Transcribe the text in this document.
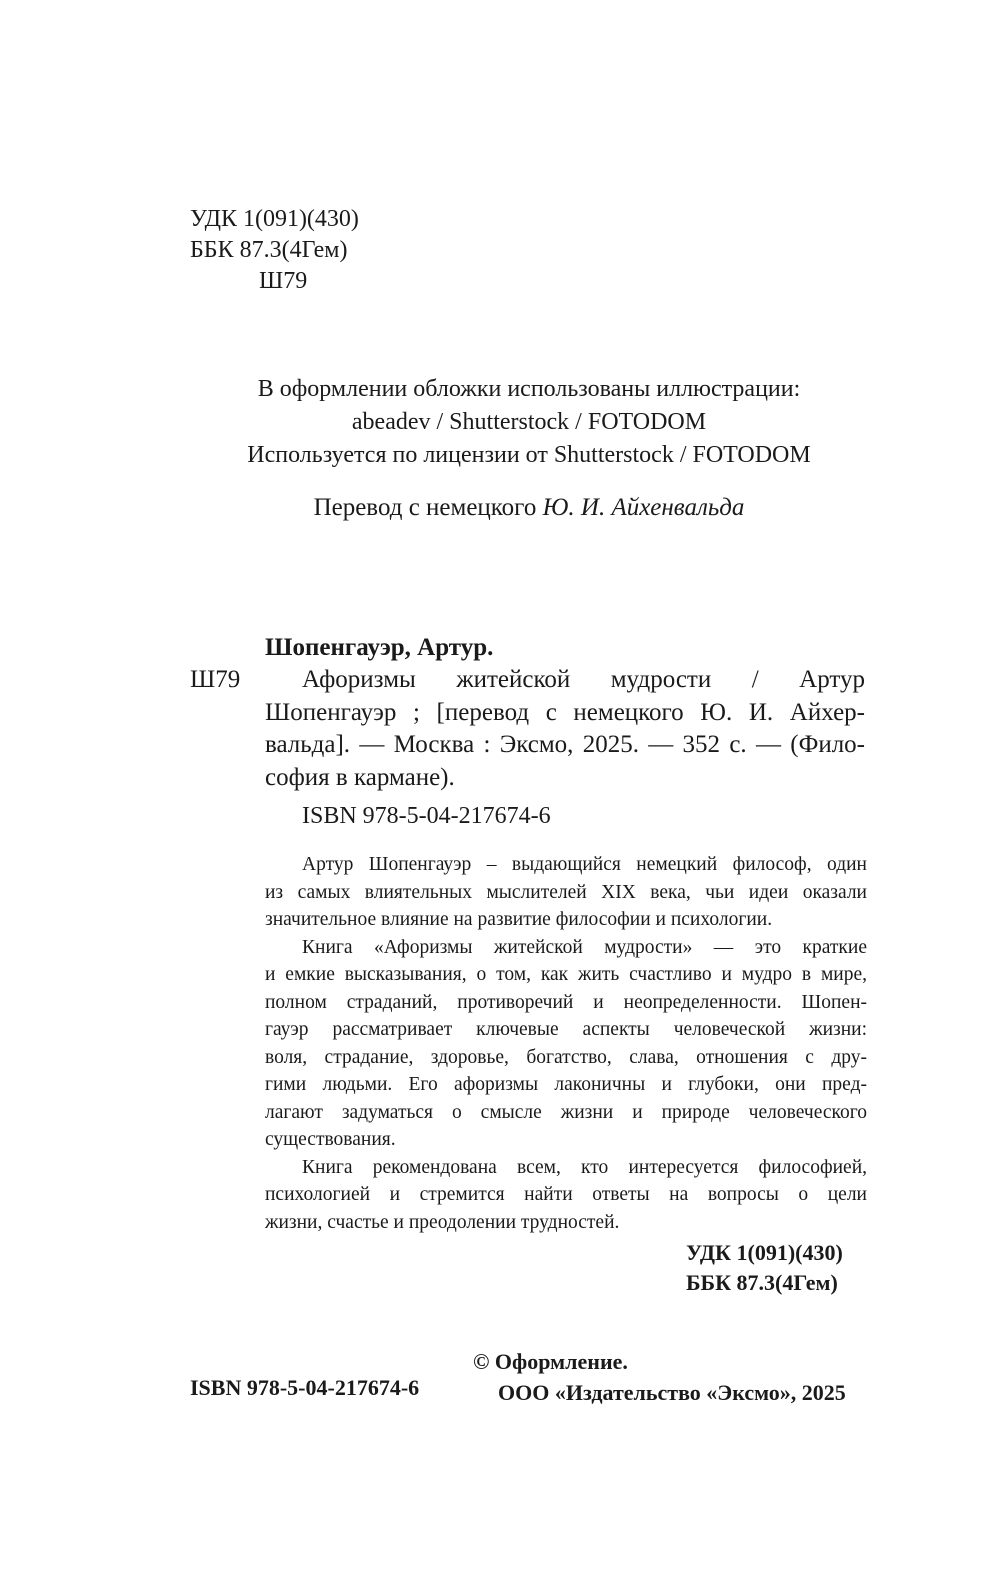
УДК 1(091)(430)
ББК 87.3(4Гем)
Ш79
В оформлении обложки использованы иллюстрации:
abeadev / Shutterstock / FOTODOM
Используется по лицензии от Shutterstock / FOTODOM
Перевод с немецкого Ю. И. Айхенвальда
Шопенгауэр, Артур.
Ш79	Афоризмы житейской мудрости / Артур
Шопенгауэр ; [перевод с немецкого Ю. И. Айхер-
вальда]. — Москва : Эксмо, 2025. — 352 с. — (Фило-
софия в кармане).
ISBN 978-5-04-217674-6
Артур Шопенгауэр – выдающийся немецкий философ, один
из самых влиятельных мыслителей XIX века, чьи идеи оказали
значительное влияние на развитие философии и психологии.
Книга «Афоризмы житейской мудрости» — это краткие
и емкие высказывания, о том, как жить счастливо и мудро в мире,
полном страданий, противоречий и неопределенности. Шопен-
гауэр рассматривает ключевые аспекты человеческой жизни:
воля, страдание, здоровье, богатство, слава, отношения с дру-
гими людьми. Его афоризмы лаконичны и глубоки, они пред-
лагают задуматься о смысле жизни и природе человеческого
существования.
Книга рекомендована всем, кто интересуется философией,
психологией и стремится найти ответы на вопросы о цели
жизни, счастье и преодолении трудностей.
УДК 1(091)(430)
ББК 87.3(4Гем)
ISBN 978-5-04-217674-6
© Оформление.
ООО «Издательство «Эксмо», 2025
